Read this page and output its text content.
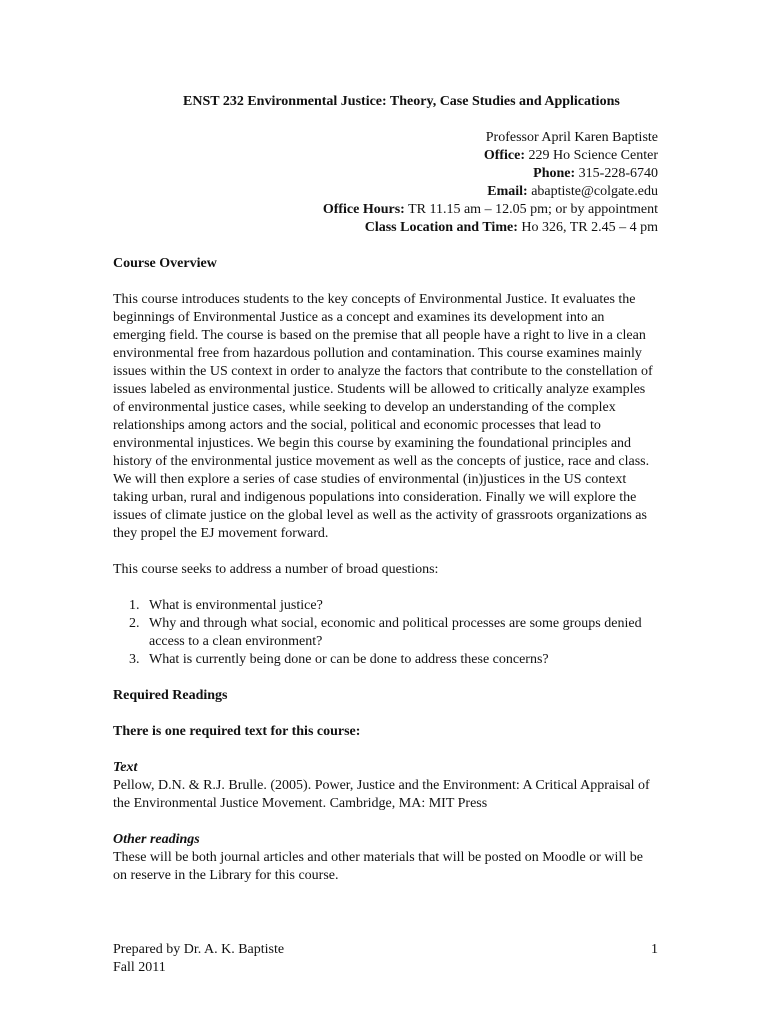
ENST 232 Environmental Justice: Theory, Case Studies and Applications
Professor April Karen Baptiste
Office: 229 Ho Science Center
Phone: 315-228-6740
Email: abaptiste@colgate.edu
Office Hours: TR 11.15 am – 12.05 pm; or by appointment
Class Location and Time: Ho 326, TR 2.45 – 4 pm
Course Overview

This course introduces students to the key concepts of Environmental Justice. It evaluates the beginnings of Environmental Justice as a concept and examines its development into an emerging field. The course is based on the premise that all people have a right to live in a clean environmental free from hazardous pollution and contamination. This course examines mainly issues within the US context in order to analyze the factors that contribute to the constellation of issues labeled as environmental justice. Students will be allowed to critically analyze examples of environmental justice cases, while seeking to develop an understanding of the complex relationships among actors and the social, political and economic processes that lead to environmental injustices. We begin this course by examining the foundational principles and history of the environmental justice movement as well as the concepts of justice, race and class. We will then explore a series of case studies of environmental (in)justices in the US context taking urban, rural and indigenous populations into consideration. Finally we will explore the issues of climate justice on the global level as well as the activity of grassroots organizations as they propel the EJ movement forward.

This course seeks to address a number of broad questions:

1. What is environmental justice?
2. Why and through what social, economic and political processes are some groups denied access to a clean environment?
3. What is currently being done or can be done to address these concerns?
Required Readings
There is one required text for this course:
Text

Pellow, D.N. & R.J. Brulle. (2005). Power, Justice and the Environment: A Critical Appraisal of the Environmental Justice Movement. Cambridge, MA: MIT Press

Other readings

These will be both journal articles and other materials that will be posted on Moodle or will be on reserve in the Library for this course.

Prepared by Dr. A. K. Baptiste	1
Fall 2011
